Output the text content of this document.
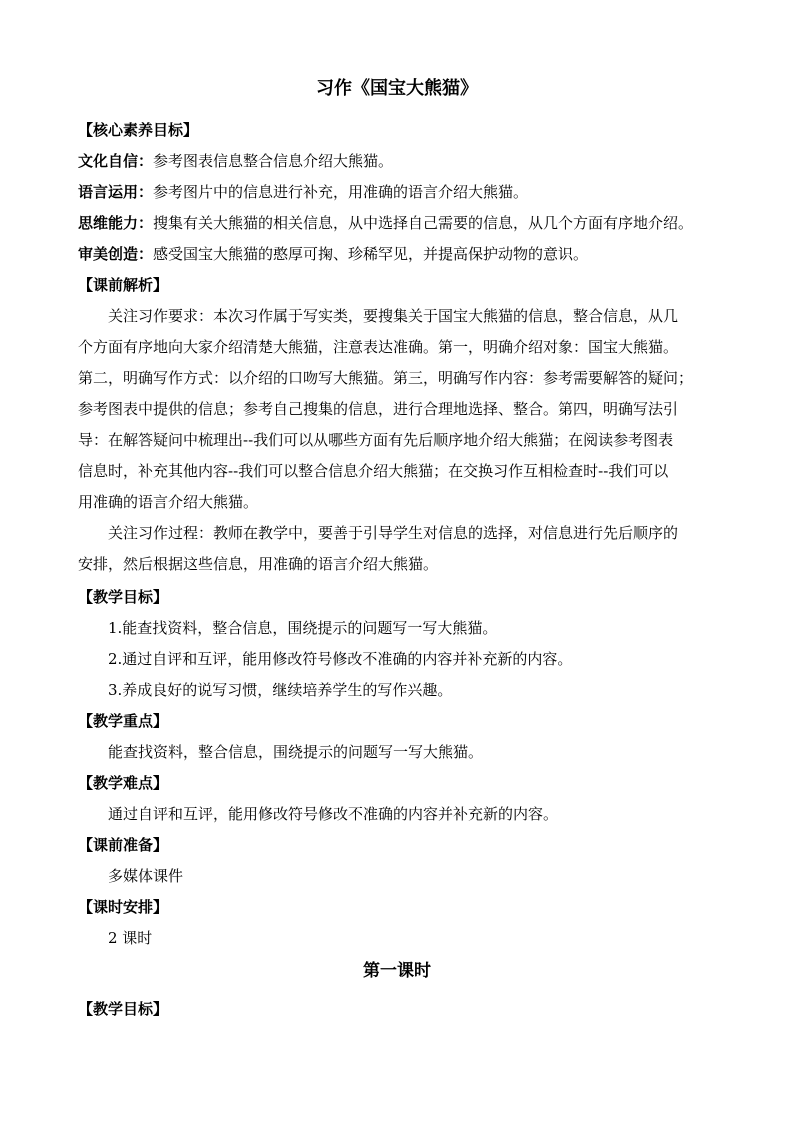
习作《国宝大熊猫》
【核心素养目标】
文化自信：参考图表信息整合信息介绍大熊猫。
语言运用：参考图片中的信息进行补充，用准确的语言介绍大熊猫。
思维能力：搜集有关大熊猫的相关信息，从中选择自己需要的信息，从几个方面有序地介绍。
审美创造：感受国宝大熊猫的憨厚可掬、珍稀罕见，并提高保护动物的意识。
【课前解析】
关注习作要求：本次习作属于写实类，要搜集关于国宝大熊猫的信息，整合信息，从几
个方面有序地向大家介绍清楚大熊猫，注意表达准确。第一，明确介绍对象：国宝大熊猫。
第二，明确写作方式：以介绍的口吻写大熊猫。第三，明确写作内容：参考需要解答的疑问；
参考图表中提供的信息；参考自己搜集的信息，进行合理地选择、整合。第四，明确写法引
导：在解答疑问中梳理出--我们可以从哪些方面有先后顺序地介绍大熊猫；在阅读参考图表
信息时，补充其他内容--我们可以整合信息介绍大熊猫；在交换习作互相检查时--我们可以
用准确的语言介绍大熊猫。
关注习作过程：教师在教学中，要善于引导学生对信息的选择，对信息进行先后顺序的
安排，然后根据这些信息，用准确的语言介绍大熊猫。
【教学目标】
1.能查找资料，整合信息，围绕提示的问题写一写大熊猫。
2.通过自评和互评，能用修改符号修改不准确的内容并补充新的内容。
3.养成良好的说写习惯，继续培养学生的写作兴趣。
【教学重点】
能查找资料，整合信息，围绕提示的问题写一写大熊猫。
【教学难点】
通过自评和互评，能用修改符号修改不准确的内容并补充新的内容。
【课前准备】
多媒体课件
【课时安排】
2 课时
第一课时
【教学目标】
